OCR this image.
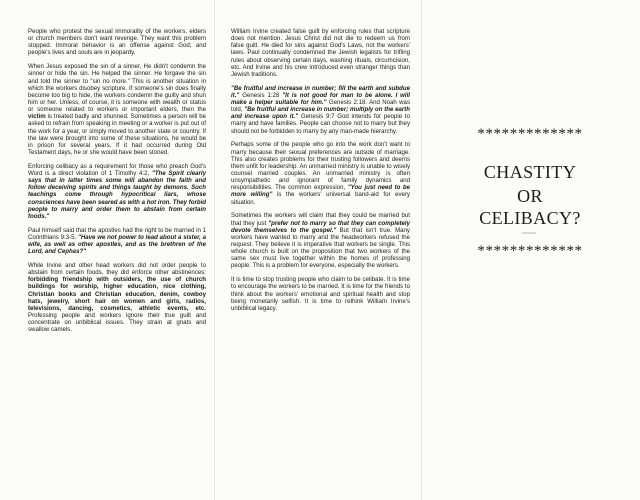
People who protest the sexual immorality of the workers, elders or church members don't want revenge. They want this problem stopped. Immoral behavior is an offense against God; and people's lives and souls are in jeopardy.

When Jesus exposed the sin of a sinner, He didn't condemn the sinner or hide the sin. He helped the sinner. He forgave the sin and told the sinner to "sin no more." This is another situation in which the workers disobey scripture. If someone's sin does finally become too big to hide, the workers condemn the guilty and shun him or her. Unless, of course, it is someone with wealth or status or someone related to workers or important elders, then the victim is treated badly and shunned. Sometimes a person will be asked to refrain from speaking in meeting or a worker is put out of the work for a year, or simply moved to another state or country. If the law were brought into some of these situations, he would be in prison for several years. If it had occurred during Old Testament days, he or she would have been stoned.

Enforcing celibacy as a requirement for those who preach God's Word is a direct violation of 1 Timothy 4:2, "The Spirit clearly says that in latter times some will abandon the faith and follow deceiving spirits and things taught by demons. Such teachings come through hypocritical liars, whose consciences have been seared as with a hot iron. They forbid people to marry and order them to abstain from certain foods."

Paul himself said that the apostles had the right to be married in 1 Corinthians 9:3-5. "Have we not power to lead about a sister, a wife, as well as other apostles, and as the brethren of the Lord, and Cephas?"

While Irvine and other head workers did not order people to abstain from certain foods, they did enforce other abstinences: forbidding friendship with outsiders, the use of church buildings for worship, higher education, nice clothing, Christian books and Christian education, denim, cowboy hats, jewelry, short hair on women and girls, radios, televisions, dancing, cosmetics, athletic events, etc. Professing people and workers ignore their true guilt and concentrate on unbiblical issues. They strain at gnats and swallow camels.

William Irvine created false guilt by enforcing rules that scripture does not mention. Jesus Christ did not die to redeem us from false guilt. He died for sins against God's Laws, not the workers' laws. Paul continually condemned the Jewish legalists for trifling rules about observing certain days, washing rituals, circumcision, etc. And Irvine and his crew introduced even stranger things than Jewish traditions.

"Be fruitful and increase in number; fill the earth and subdue it." Genesis 1:28 "It is not good for man to be alone. I will make a helper suitable for him." Genesis 2:18. And Noah was told, "Be fruitful and increase in number; multiply on the earth and increase upon it." Genesis 9:7 God intends for people to marry and have families. People can choose not to marry but they should not be forbidden to marry by any man-made hierarchy.

Perhaps some of the people who go into the work don't want to marry because their sexual preferences are outside of marriage. This also creates problems for their trusting followers and deems them unfit for leadership. An unmarried ministry is unable to wisely counsel married couples. An unmarried ministry is often unsympathetic and ignorant of family dynamics and responsibilities. The common expression, "You just need to be more willing" is the workers' universal band-aid for every situation.

Sometimes the workers will claim that they could be married but that they just "prefer not to marry so that they can completely devote themselves to the gospel." But that isn't true. Many workers have wanted to marry and the headworkers refused the request. They believe it is imperative that workers be single. This whole church is built on the proposition that two workers of the same sex must live together within the homes of professing people. This is a problem for everyone, especially the workers.

It is time to stop trusting people who claim to be celibate. It is time to encourage the workers to be married. It is time for the friends to think about the workers' emotional and spiritual health and stop being monetarily selfish. It is time to rethink William Irvine's unbiblical legacy.

*************
CHASTITY
OR
CELIBACY?
*************
